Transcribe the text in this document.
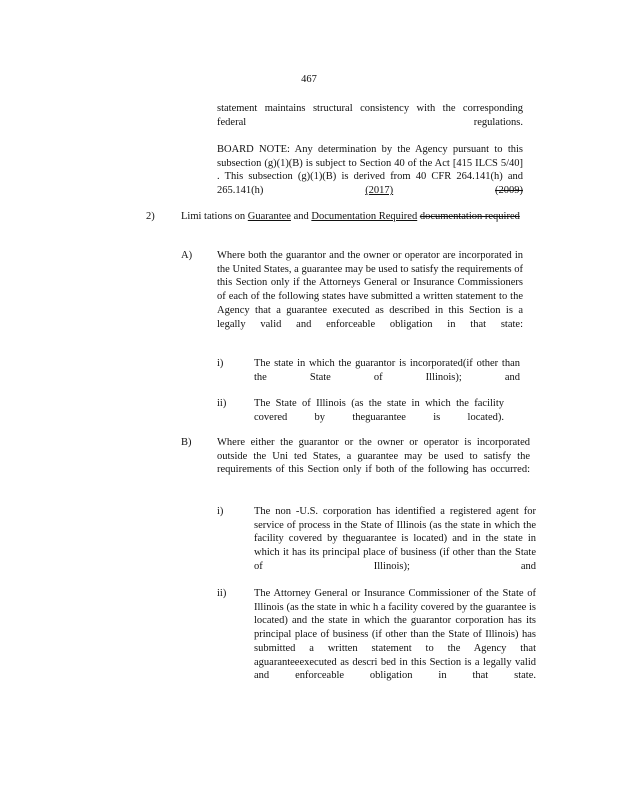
467
statement maintains structural consistency with the corresponding federal regulations.
BOARD NOTE: Any determination by the Agency pursuant to this subsection (g)(1)(B) is subject to Section 40 of the Act [415 ILCS 5/40] . This subsection (g)(1)(B) is derived from 40 CFR 264.141(h) and 265.141(h)	(2017)	(2009)
2)	Limi tations on Guarantee and Documentation Required documentation required
A) Where both the guarantor and the owner or operator are incorporated in the United States, a guarantee may be used to satisfy the requirements of this Section only if the Attorneys General or Insurance Commissioners of each of the following states have submitted a written statement to the Agency that a guarantee executed as described in this Section is a legally valid and enforceable obligation in that state:
i)	The state in which the guarantor is incorporated(if other than the State of Illinois); and
ii)	The State of Illinois (as the state in which the facility covered by theguarantee is located).
B) Where either the guarantor or the owner or operator is incorporated outside the Uni ted States, a guarantee may be used to satisfy the requirements of this Section only if both of the following has occurred:
i)	The non -U.S. corporation has identified a registered agent for service of process in the State of Illinois (as the state in which the facility covered by theguarantee is located) and in the state in which it has its principal place of business (if other than the State of Illinois); and
ii)	The Attorney General or Insurance Commissioner of the State of Illinois (as the state in whic h a facility covered by the guarantee is located) and the state in which the guarantor corporation has its principal place of business (if other than the State of Illinois) has submitted a written statement to the Agency that aguaranteeexecuted as descri bed in this Section is a legally valid and enforceable obligation in that state.
